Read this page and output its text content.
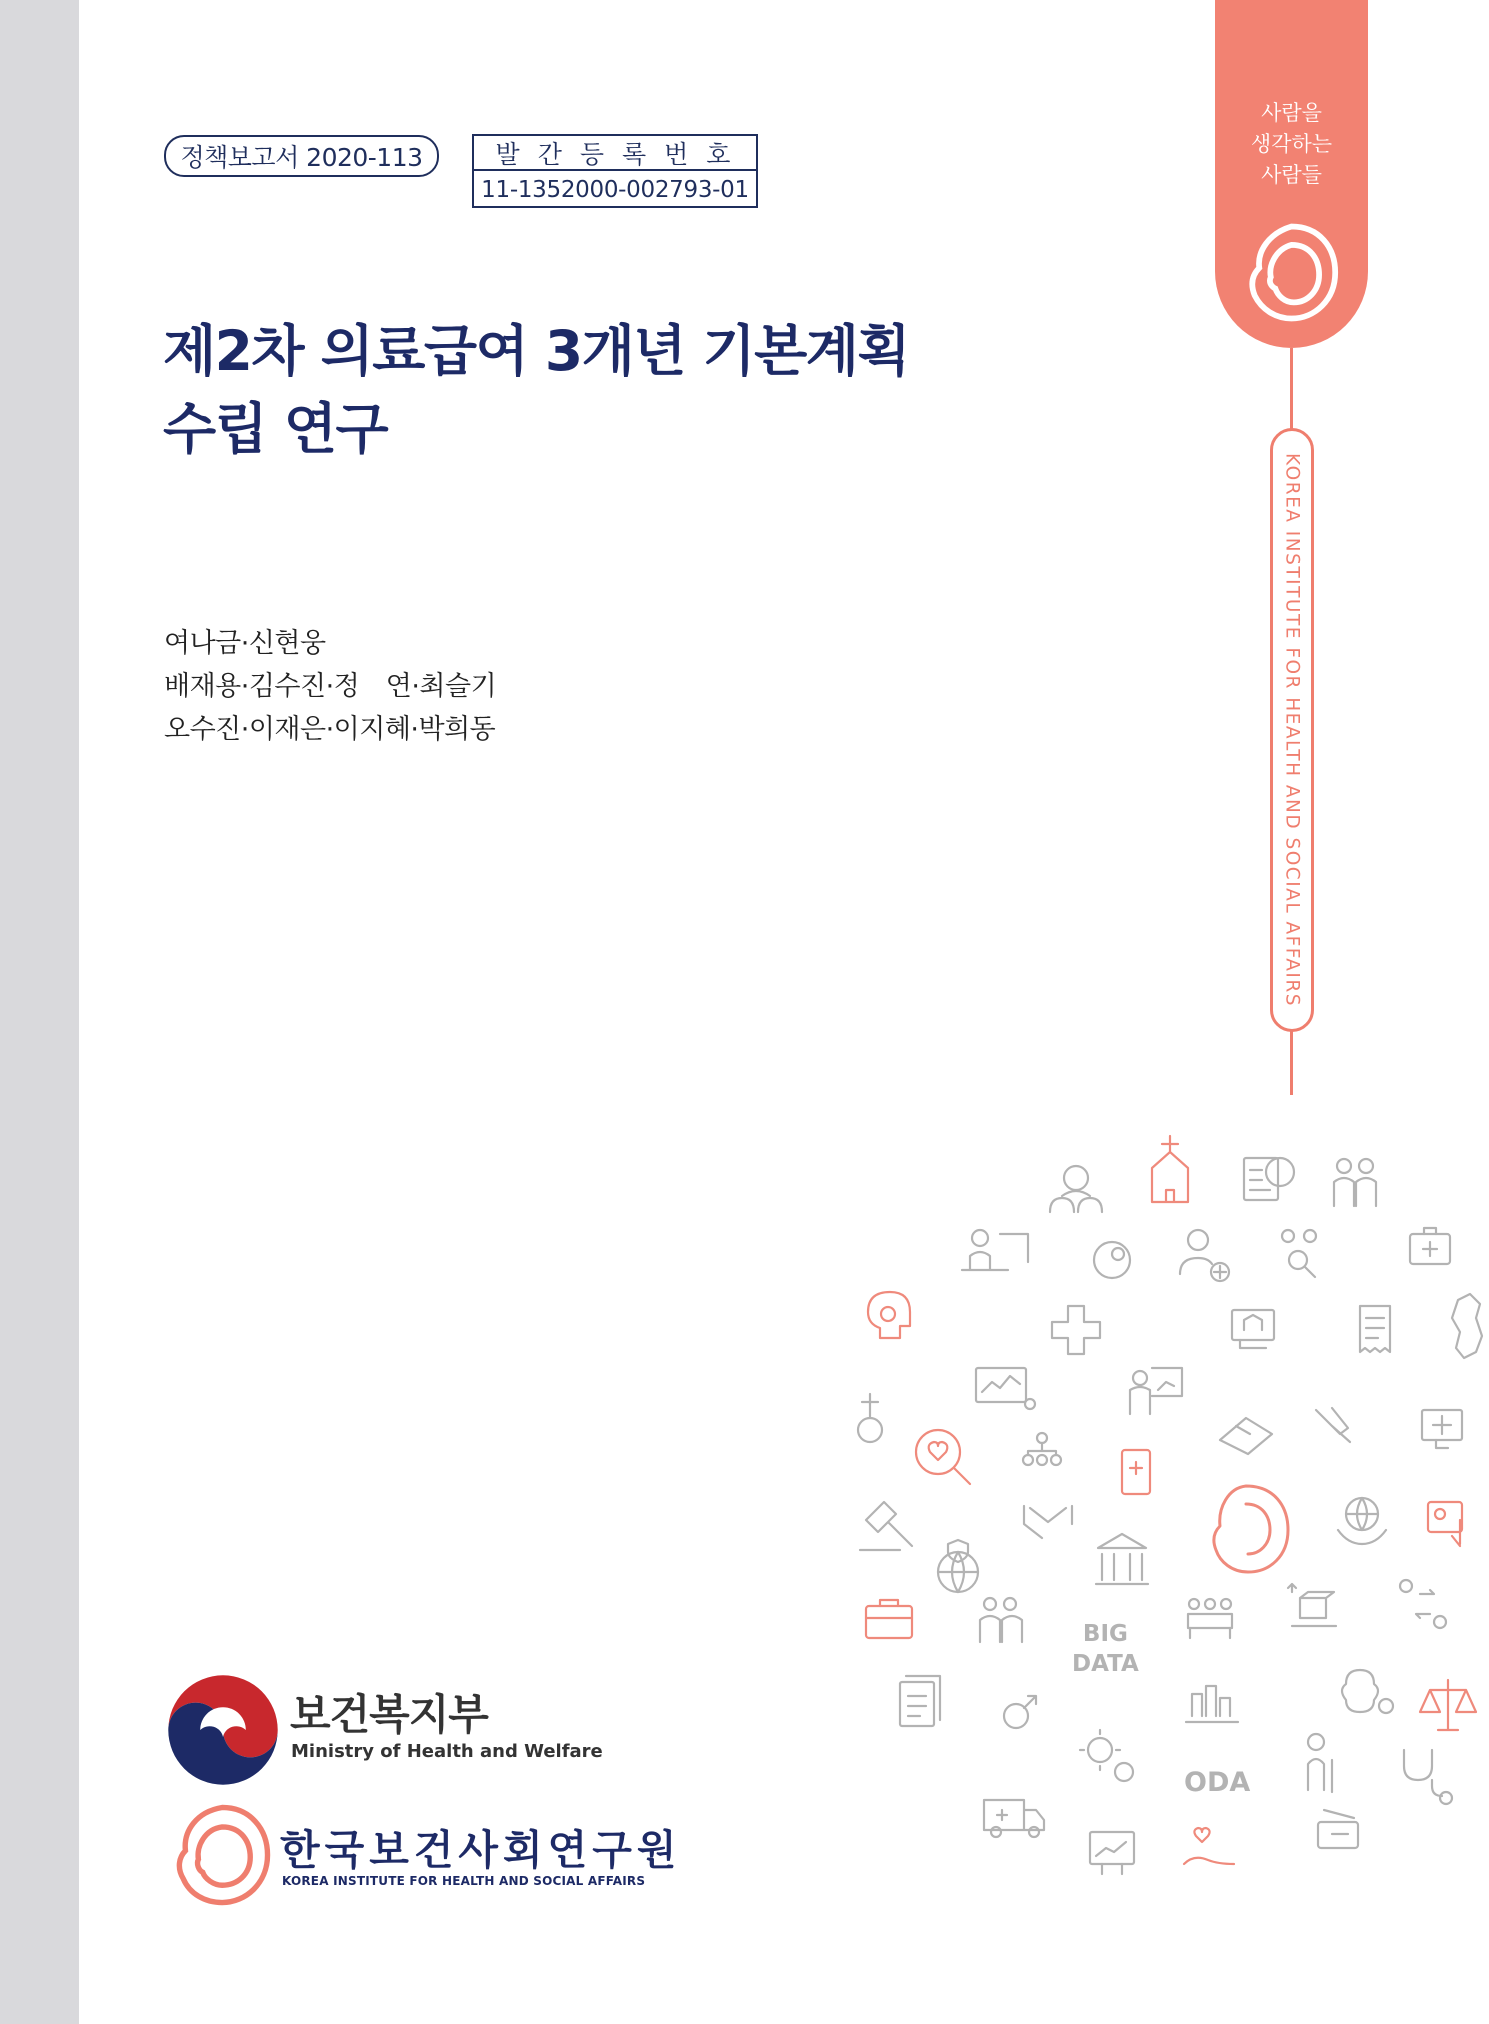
정책보고서 2020-113	발간등록번호
11-1352000-002793-01
제2차 의료급여 3개년 기본계획
수립 연구
여나금·신현웅
배재용·김수진·정　연·최슬기
오수진·이재은·이지혜·박희동
사람을
생각하는
사람들
KOREA INSTITUTE FOR HEALTH AND SOCIAL AFFAIRS
BIG
DATA
ODA
보건복지부
Ministry of Health and Welfare
한국보건사회연구원
KOREA INSTITUTE FOR HEALTH AND SOCIAL AFFAIRS
